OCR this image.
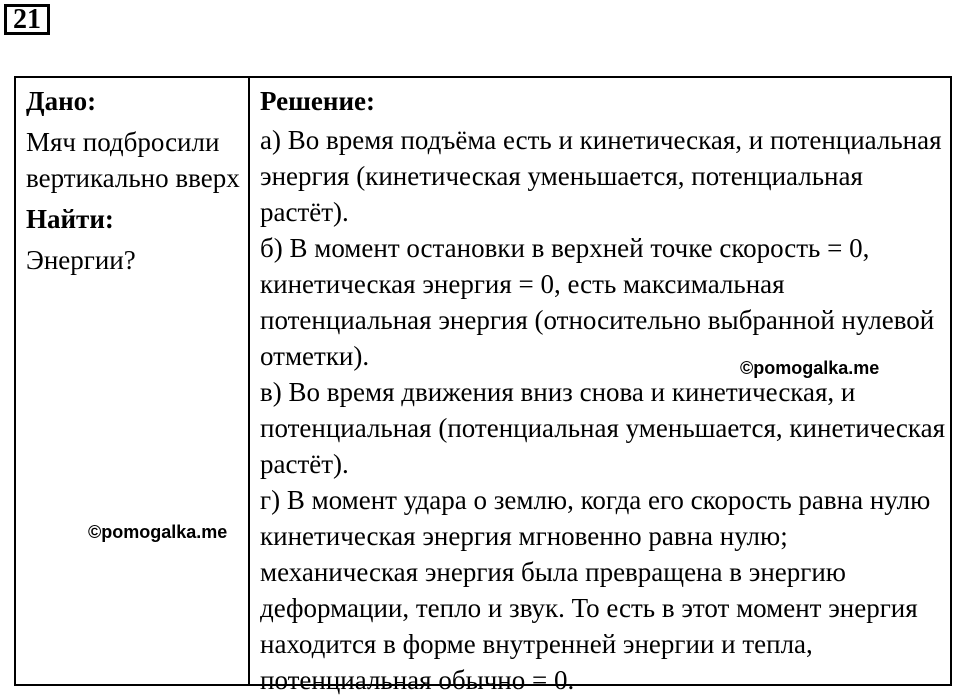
21

Дано:

Мяч подбросили вертикально вверх

Найти:

Энергии?

©pomogalka.me

Решение:

а) Во время подъёма есть и кинетическая, и потенциальная энергия (кинетическая уменьшается, потенциальная растёт).

б) В момент остановки в верхней точке скорость = 0, кинетическая энергия = 0, есть максимальная потенциальная энергия (относительно выбранной нулевой отметки).

в) Во время движения вниз снова и кинетическая, и потенциальная (потенциальная уменьшается, кинетическая растёт).

г) В момент удара о землю, когда его скорость равна нулю кинетическая энергия мгновенно равна нулю; механическая энергия была превращена в энергию деформации, тепло и звук. То есть в этот момент энергия находится в форме внутренней энергии и тепла, потенциальная обычно = 0.

©pomogalka.me
